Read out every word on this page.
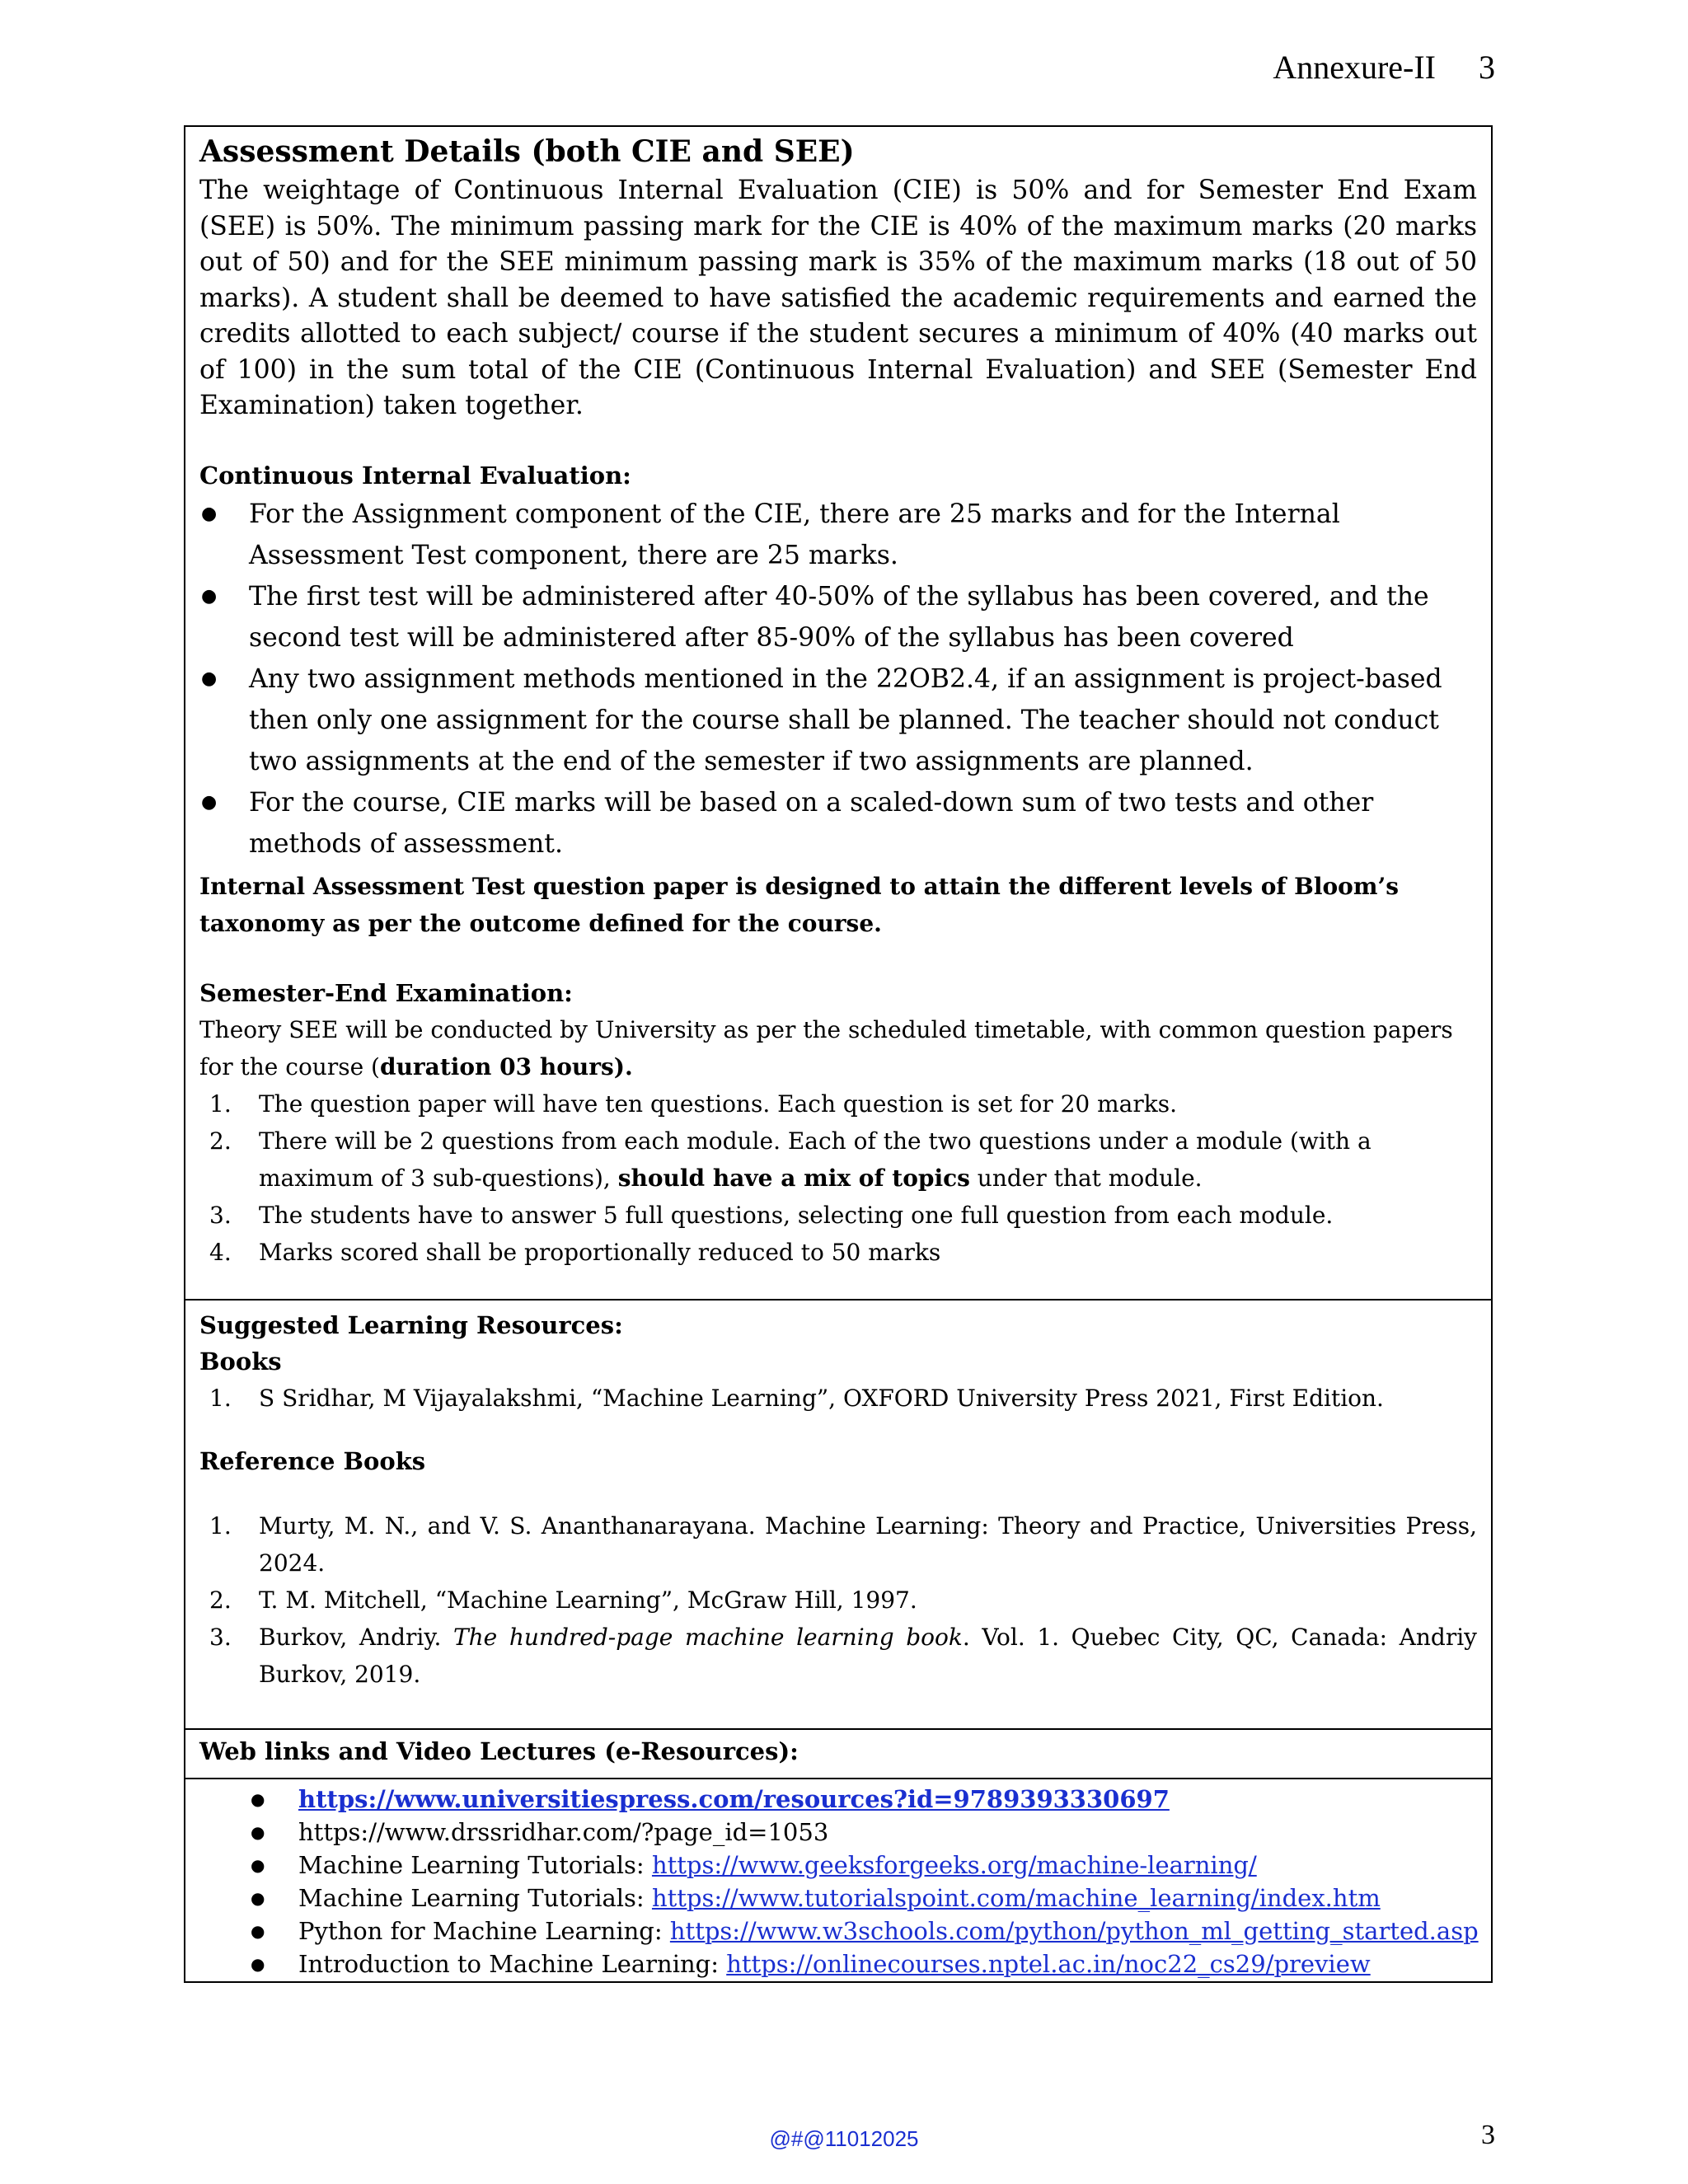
Annexure-II 3

Assessment Details (both CIE and SEE)

The weightage of Continuous Internal Evaluation (CIE) is 50% and for Semester End Exam (SEE) is 50%. The minimum passing mark for the CIE is 40% of the maximum marks (20 marks out of 50) and for the SEE minimum passing mark is 35% of the maximum marks (18 out of 50 marks). A student shall be deemed to have satisfied the academic requirements and earned the credits allotted to each subject/ course if the student secures a minimum of 40% (40 marks out of 100) in the sum total of the CIE (Continuous Internal Evaluation) and SEE (Semester End Examination) taken together.

Continuous Internal Evaluation:

● For the Assignment component of the CIE, there are 25 marks and for the Internal Assessment Test component, there are 25 marks.
● The first test will be administered after 40-50% of the syllabus has been covered, and the second test will be administered after 85-90% of the syllabus has been covered
● Any two assignment methods mentioned in the 22OB2.4, if an assignment is project-based then only one assignment for the course shall be planned. The teacher should not conduct two assignments at the end of the semester if two assignments are planned.
● For the course, CIE marks will be based on a scaled-down sum of two tests and other methods of assessment.

Internal Assessment Test question paper is designed to attain the different levels of Bloom’s taxonomy as per the outcome defined for the course.

Semester-End Examination:

Theory SEE will be conducted by University as per the scheduled timetable, with common question papers for the course (duration 03 hours).

1. The question paper will have ten questions. Each question is set for 20 marks.
2. There will be 2 questions from each module. Each of the two questions under a module (with a maximum of 3 sub-questions), should have a mix of topics under that module.
3. The students have to answer 5 full questions, selecting one full question from each module.
4. Marks scored shall be proportionally reduced to 50 marks

Suggested Learning Resources:

Books

1. S Sridhar, M Vijayalakshmi, “Machine Learning”, OXFORD University Press 2021, First Edition.

Reference Books

1. Murty, M. N., and V. S. Ananthanarayana. Machine Learning: Theory and Practice, Universities Press, 2024.
2. T. M. Mitchell, “Machine Learning”, McGraw Hill, 1997.
3. Burkov, Andriy. The hundred-page machine learning book. Vol. 1. Quebec City, QC, Canada: Andriy Burkov, 2019.

Web links and Video Lectures (e-Resources):

● https://www.universitiespress.com/resources?id=9789393330697
● https://www.drssridhar.com/?page_id=1053
● Machine Learning Tutorials: https://www.geeksforgeeks.org/machine-learning/
● Machine Learning Tutorials: https://www.tutorialspoint.com/machine_learning/index.htm
● Python for Machine Learning: https://www.w3schools.com/python/python_ml_getting_started.asp
● Introduction to Machine Learning: https://onlinecourses.nptel.ac.in/noc22_cs29/preview
@#@11012025	3
